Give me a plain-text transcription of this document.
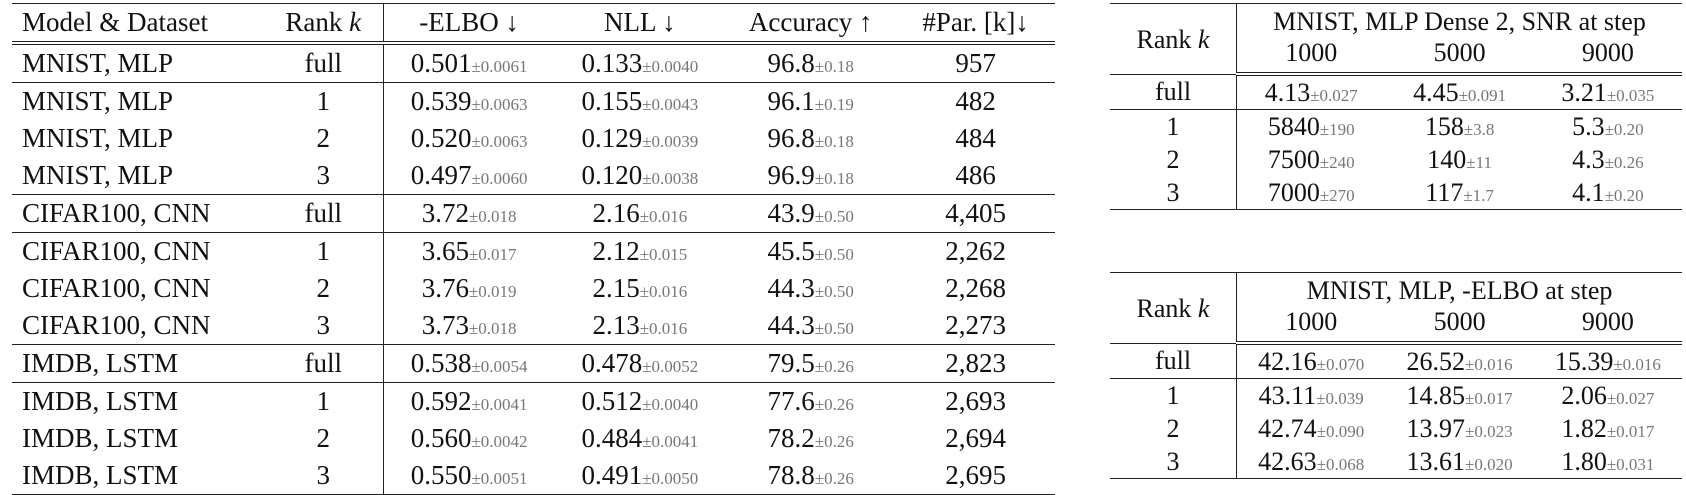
Model & Dataset	Rank k	-ELBO ↓	NLL ↓	Accuracy ↑	#Par. [k]↓
MNIST, MLP	full	0.501±0.0061	0.133±0.0040	96.8±0.18	957
MNIST, MLP	1	0.539±0.0063	0.155±0.0043	96.1±0.19	482
MNIST, MLP	2	0.520±0.0063	0.129±0.0039	96.8±0.18	484
MNIST, MLP	3	0.497±0.0060	0.120±0.0038	96.9±0.18	486
CIFAR100, CNN	full	3.72±0.018	2.16±0.016	43.9±0.50	4,405
CIFAR100, CNN	1	3.65±0.017	2.12±0.015	45.5±0.50	2,262
CIFAR100, CNN	2	3.76±0.019	2.15±0.016	44.3±0.50	2,268
CIFAR100, CNN	3	3.73±0.018	2.13±0.016	44.3±0.50	2,273
IMDB, LSTM	full	0.538±0.0054	0.478±0.0052	79.5±0.26	2,823
IMDB, LSTM	1	0.592±0.0041	0.512±0.0040	77.6±0.26	2,693
IMDB, LSTM	2	0.560±0.0042	0.484±0.0041	78.2±0.26	2,694
IMDB, LSTM	3	0.550±0.0051	0.491±0.0050	78.8±0.26	2,695
Rank k	MNIST, MLP Dense 2, SNR at step		
	1000	5000	9000
full	4.13±0.027	4.45±0.091	3.21±0.035
1	5840±190	158±3.8	5.3±0.20
2	7500±240	140±11	4.3±0.26
3	7000±270	117±1.7	4.1±0.20
Rank k	MNIST, MLP, -ELBO at step		
	1000	5000	9000
full	42.16±0.070	26.52±0.016	15.39±0.016
1	43.11±0.039	14.85±0.017	2.06±0.027
2	42.74±0.090	13.97±0.023	1.82±0.017
3	42.63±0.068	13.61±0.020	1.80±0.031
